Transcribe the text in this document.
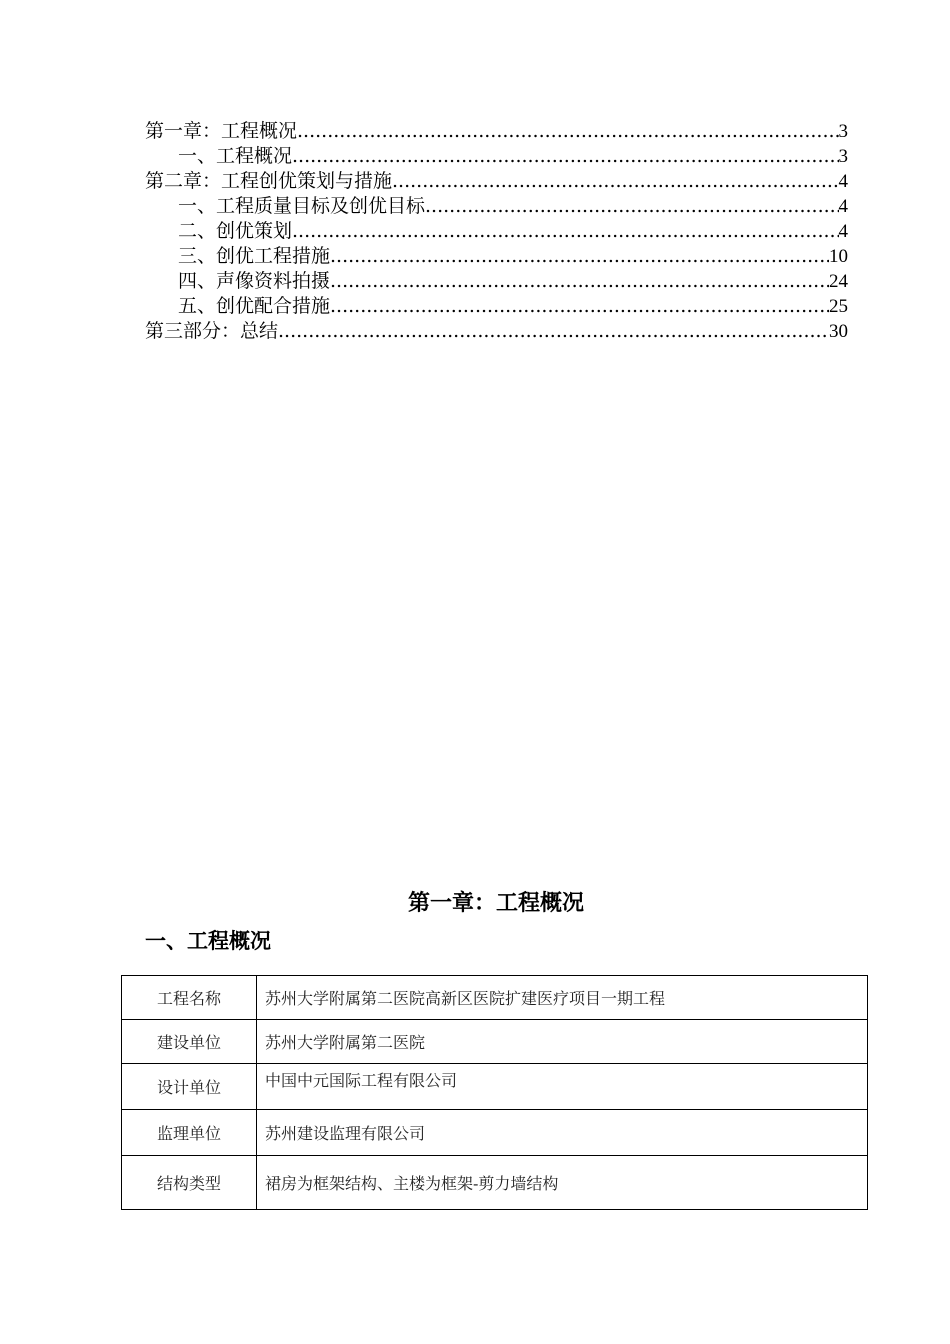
第一章：工程概况 .....	3
一、工程概况 .....	3
第二章：工程创优策划与措施 .....	4
一、工程质量目标及创优目标 .....	4
二、创优策划 .....	4
三、创优工程措施 .....	10
四、声像资料拍摄 .....	24
五、创优配合措施 .....	25
第三部分：总结 .....	30
第一章：工程概况
一、工程概况
工程名称	苏州大学附属第二医院高新区医院扩建医疗项目一期工程
建设单位	苏州大学附属第二医院
设计单位	中国中元国际工程有限公司
监理单位	苏州建设监理有限公司
结构类型	裙房为框架结构、主楼为框架-剪力墙结构
